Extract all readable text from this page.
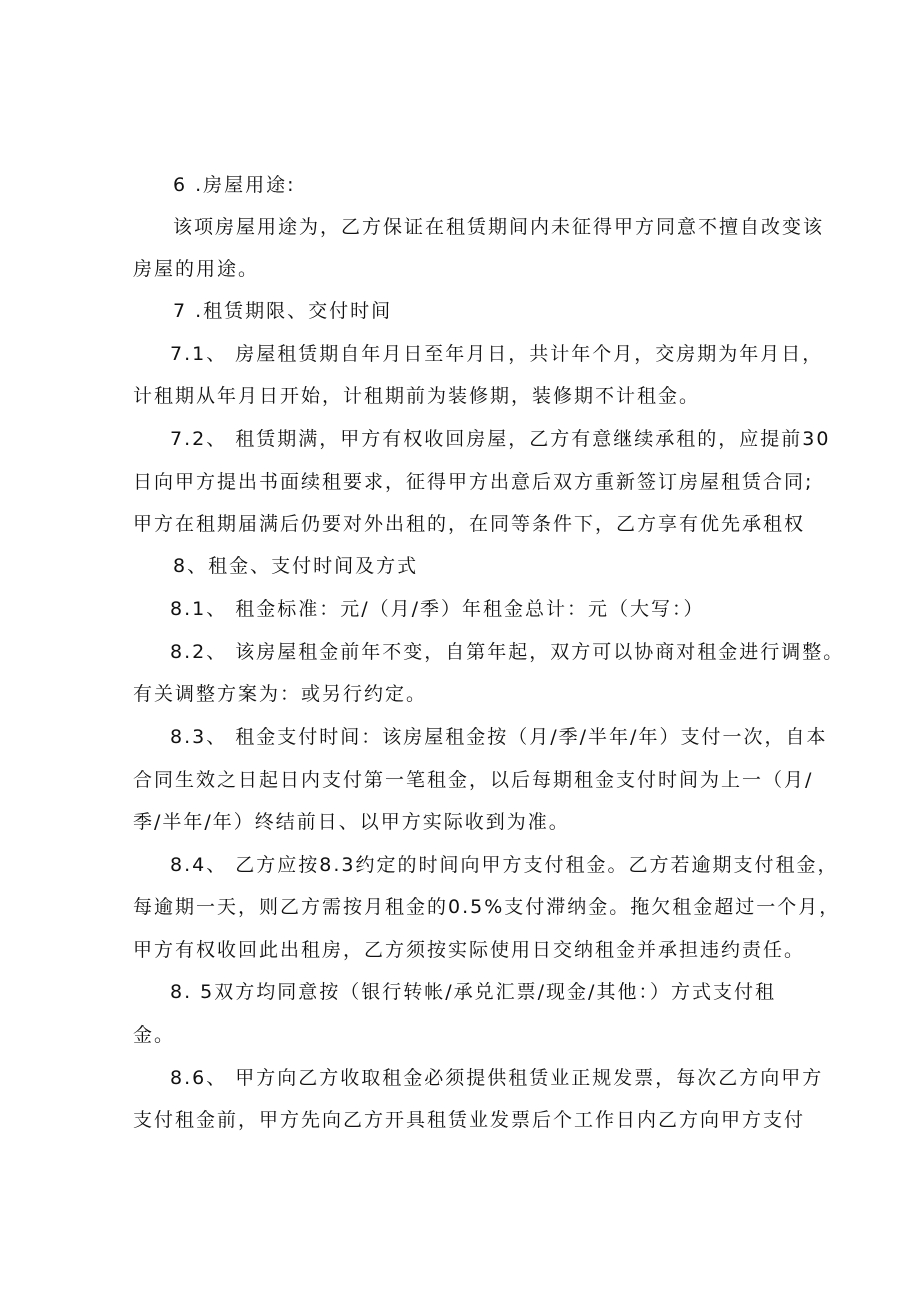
6 .房屋用途:
该项房屋用途为，乙方保证在租赁期间内未征得甲方同意不擅自改变该
房屋的用途。
7 .租赁期限、交付时间
7.1、 房屋租赁期自年月日至年月日，共计年个月，交房期为年月日，
计租期从年月日开始，计租期前为装修期，装修期不计租金。
7.2、 租赁期满，甲方有权收回房屋，乙方有意继续承租的，应提前30
日向甲方提出书面续租要求，征得甲方出意后双方重新签订房屋租赁合同;
甲方在租期届满后仍要对外出租的，在同等条件下，乙方享有优先承租权
8、租金、支付时间及方式
8.1、 租金标准：元/（月/季）年租金总计：元（大写：）
8.2、 该房屋租金前年不变，自第年起，双方可以协商对租金进行调整。
有关调整方案为：或另行约定。
8.3、 租金支付时间：该房屋租金按（月/季/半年/年）支付一次，自本
合同生效之日起日内支付第一笔租金，以后每期租金支付时间为上一（月/
季/半年/年）终结前日、以甲方实际收到为准。
8.4、 乙方应按8.3约定的时间向甲方支付租金。乙方若逾期支付租金，
每逾期一天，则乙方需按月租金的0.5%支付滞纳金。拖欠租金超过一个月，
甲方有权收回此出租房，乙方须按实际使用日交纳租金并承担违约责任。
8. 5双方均同意按（银行转帐/承兑汇票/现金/其他：）方式支付租
金。
8.6、 甲方向乙方收取租金必须提供租赁业正规发票，每次乙方向甲方
支付租金前，甲方先向乙方开具租赁业发票后个工作日内乙方向甲方支付
